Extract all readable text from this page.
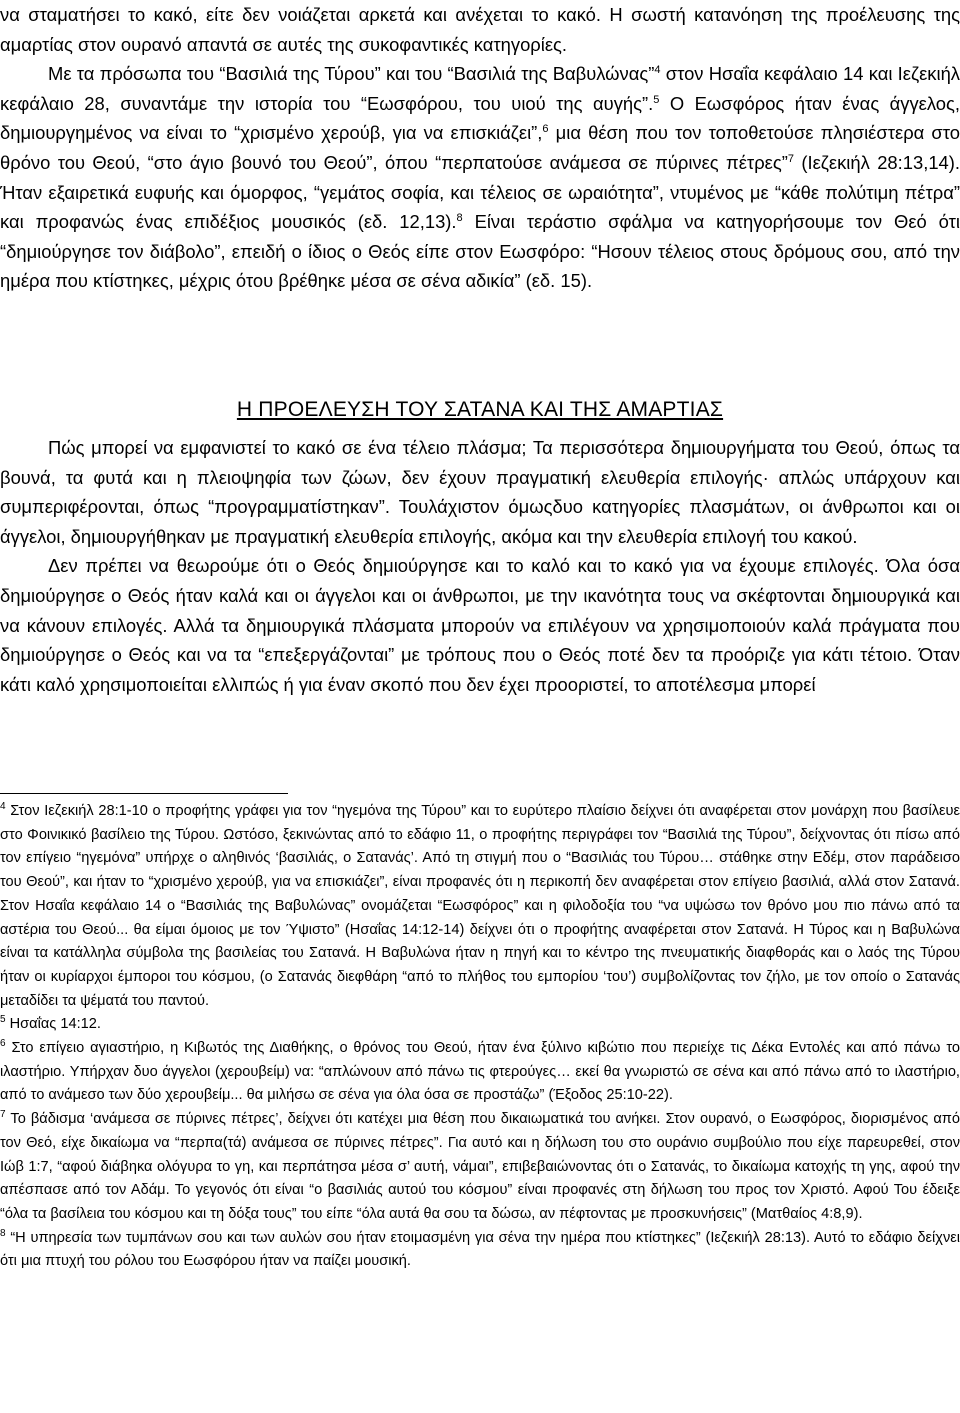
να σταματήσει το κακό, είτε δεν νοιάζεται αρκετά και ανέχεται το κακό. Η σωστή κατανόηση της προέλευσης της αμαρτίας στον ουρανό απαντά σε αυτές της συκοφαντικές κατηγορίες.

Με τα πρόσωπα του “Βασιλιά της Τύρου” και του “Βασιλιά της Βαβυλώνας”$^4$ στον Ησαΐα κεφάλαιο 14 και Ιεζεκιήλ κεφάλαιο 28, συναντάμε την ιστορία του “Εωσφόρου, του υιού της αυγής”.$^5$ Ο Εωσφόρος ήταν ένας άγγελος, δημιουργημένος να είναι το “χρισμένο χερούβ, για να επισκιάζει”,$^6$ μια θέση που τον τοποθετούσε πλησιέστερα στο θρόνο του Θεού, “στο άγιο βουνό του Θεού”, όπου “περπατούσε ανάμεσα σε πύρινες πέτρες”$^7$ (Ιεζεκιήλ 28:13,14). Ήταν εξαιρετικά ευφυής και όμορφος, “γεμάτος σοφία, και τέλειος σε ωραιότητα”, ντυμένος με “κάθε πολύτιμη πέτρα” και προφανώς ένας επιδέξιος μουσικός (εδ. 12,13).$^8$ Είναι τεράστιο σφάλμα να κατηγορήσουμε τον Θεό ότι “δημιούργησε τον διάβολο”, επειδή ο ίδιος ο Θεός είπε στον Εωσφόρο: “Ησουν τέλειος στους δρόμους σου, από την ημέρα που κτίστηκες, μέχρις ότου βρέθηκε μέσα σε σένα αδικία” (εδ. 15).

Η ΠΡΟΕΛΕΥΣΗ ΤΟΥ ΣΑΤΑΝΑ ΚΑΙ ΤΗΣ ΑΜΑΡΤΙΑΣ

Πώς μπορεί να εμφανιστεί το κακό σε ένα τέλειο πλάσμα; Τα περισσότερα δημιουργήματα του Θεού, όπως τα βουνά, τα φυτά και η πλειοψηφία των ζώων, δεν έχουν πραγματική ελευθερία επιλογής· απλώς υπάρχουν και συμπεριφέρονται, όπως “προγραμματίστηκαν”. Τουλάχιστον όμωςδυο κατηγορίες πλασμάτων, οι άνθρωποι και οι άγγελοι, δημιουργήθηκαν με πραγματική ελευθερία επιλογής, ακόμα και την ελευθερία επιλογή του κακού.

Δεν πρέπει να θεωρούμε ότι ο Θεός δημιούργησε και το καλό και το κακό για να έχουμε επιλογές. Όλα όσα δημιούργησε ο Θεός ήταν καλά και οι άγγελοι και οι άνθρωποι, με την ικανότητα τους να σκέφτονται δημιουργικά και να κάνουν επιλογές. Αλλά τα δημιουργικά πλάσματα μπορούν να επιλέγουν να χρησιμοποιούν καλά πράγματα που δημιούργησε ο Θεός και να τα “επεξεργάζονται” με τρόπους που ο Θεός ποτέ δεν τα προόριζε για κάτι τέτοιο. Όταν κάτι καλό χρησιμοποιείται ελλιπώς ή για έναν σκοπό που δεν έχει προοριστεί, το αποτέλεσμα μπορεί

$^4$ Στον Ιεζεκιήλ 28:1-10 ο προφήτης γράφει για τον “ηγεμόνα της Τύρου” και το ευρύτερο πλαίσιο δείχνει ότι αναφέρεται στον μονάρχη που βασίλευε στο Φοινικικό βασίλειο της Τύρου. Ωστόσο, ξεκινώντας από το εδάφιο 11, ο προφήτης περιγράφει τον “Βασιλιά της Τύρου”, δείχνοντας ότι πίσω από τον επίγειο “ηγεμόνα” υπήρχε ο αληθινός ‘βασιλιάς, ο Σατανάς’. Από τη στιγμή που ο “Βασιλιάς του Τύρου… στάθηκε στην Εδέμ, στον παράδεισο του Θεού”, και ήταν το “χρισμένο χερούβ, για να επισκιάζει”, είναι προφανές ότι η περικοπή δεν αναφέρεται στον επίγειο βασιλιά, αλλά στον Σατανά. Στον Ησαΐα κεφάλαιο 14 ο “Βασιλιάς της Βαβυλώνας” ονομάζεται “Εωσφόρος” και η φιλοδοξία του “να υψώσω τον θρόνο μου πιο πάνω από τα αστέρια του Θεού... θα είμαι όμοιος με τον Ύψιστο” (Ησαΐας 14:12-14) δείχνει ότι ο προφήτης αναφέρεται στον Σατανά. Η Τύρος και η Βαβυλώνα είναι τα κατάλληλα σύμβολα της βασιλείας του Σατανά. Η Βαβυλώνα ήταν η πηγή και το κέντρο της πνευματικής διαφθοράς και ο λαός της Τύρου ήταν οι κυρίαρχοι έμποροι του κόσμου, (ο Σατανάς διεφθάρη “από το πλήθος του εμπορίου ‘του’) συμβολίζοντας τον ζήλο, με τον οποίο ο Σατανάς μεταδίδει τα ψέματά του παντού.

$^5$ Ησαΐας 14:12.

$^6$ Στο επίγειο αγιαστήριο, η Κιβωτός της Διαθήκης, ο θρόνος του Θεού, ήταν ένα ξύλινο κιβώτιο που περιείχε τις Δέκα Εντολές και από πάνω το ιλαστήριο. Υπήρχαν δυο άγγελοι (χερουβείμ) να: “απλώνουν από πάνω τις φτερούγες… εκεί θα γνωριστώ σε σένα και από πάνω από το ιλαστήριο, από το ανάμεσο των δύο χερουβείμ... θα μιλήσω σε σένα για όλα όσα σε προστάζω” (Έξοδος 25:10-22).

$^7$ Το βάδισμα ‘ανάμεσα σε πύρινες πέτρες’, δείχνει ότι κατέχει μια θέση που δικαιωματικά του ανήκει. Στον ουρανό, ο Εωσφόρος, διορισμένος από τον Θεό, είχε δικαίωμα να “περπα(τά) ανάμεσα σε πύρινες πέτρες”. Για αυτό και η δήλωση του στο ουράνιο συμβούλιο που είχε παρευρεθεί, στον Ιώβ 1:7, “αφού διάβηκα ολόγυρα το γη, και περπάτησα μέσα σ’ αυτή, νάμαι”, επιβεβαιώνοντας ότι ο Σατανάς, το δικαίωμα κατοχής τη γης, αφού την απέσπασε από τον Αδάμ. Το γεγονός ότι είναι “ο βασιλιάς αυτού του κόσμου” είναι προφανές στη δήλωση του προς τον Χριστό. Αφού Του έδειξε “όλα τα βασίλεια του κόσμου και τη δόξα τους” του είπε “όλα αυτά θα σου τα δώσω, αν πέφτοντας με προσκυνήσεις” (Ματθαίος 4:8,9).

$^8$ “Η υπηρεσία των τυμπάνων σου και των αυλών σου ήταν ετοιμασμένη για σένα την ημέρα που κτίστηκες” (Ιεζεκιήλ 28:13). Αυτό το εδάφιο δείχνει ότι μια πτυχή του ρόλου του Εωσφόρου ήταν να παίζει μουσική.
